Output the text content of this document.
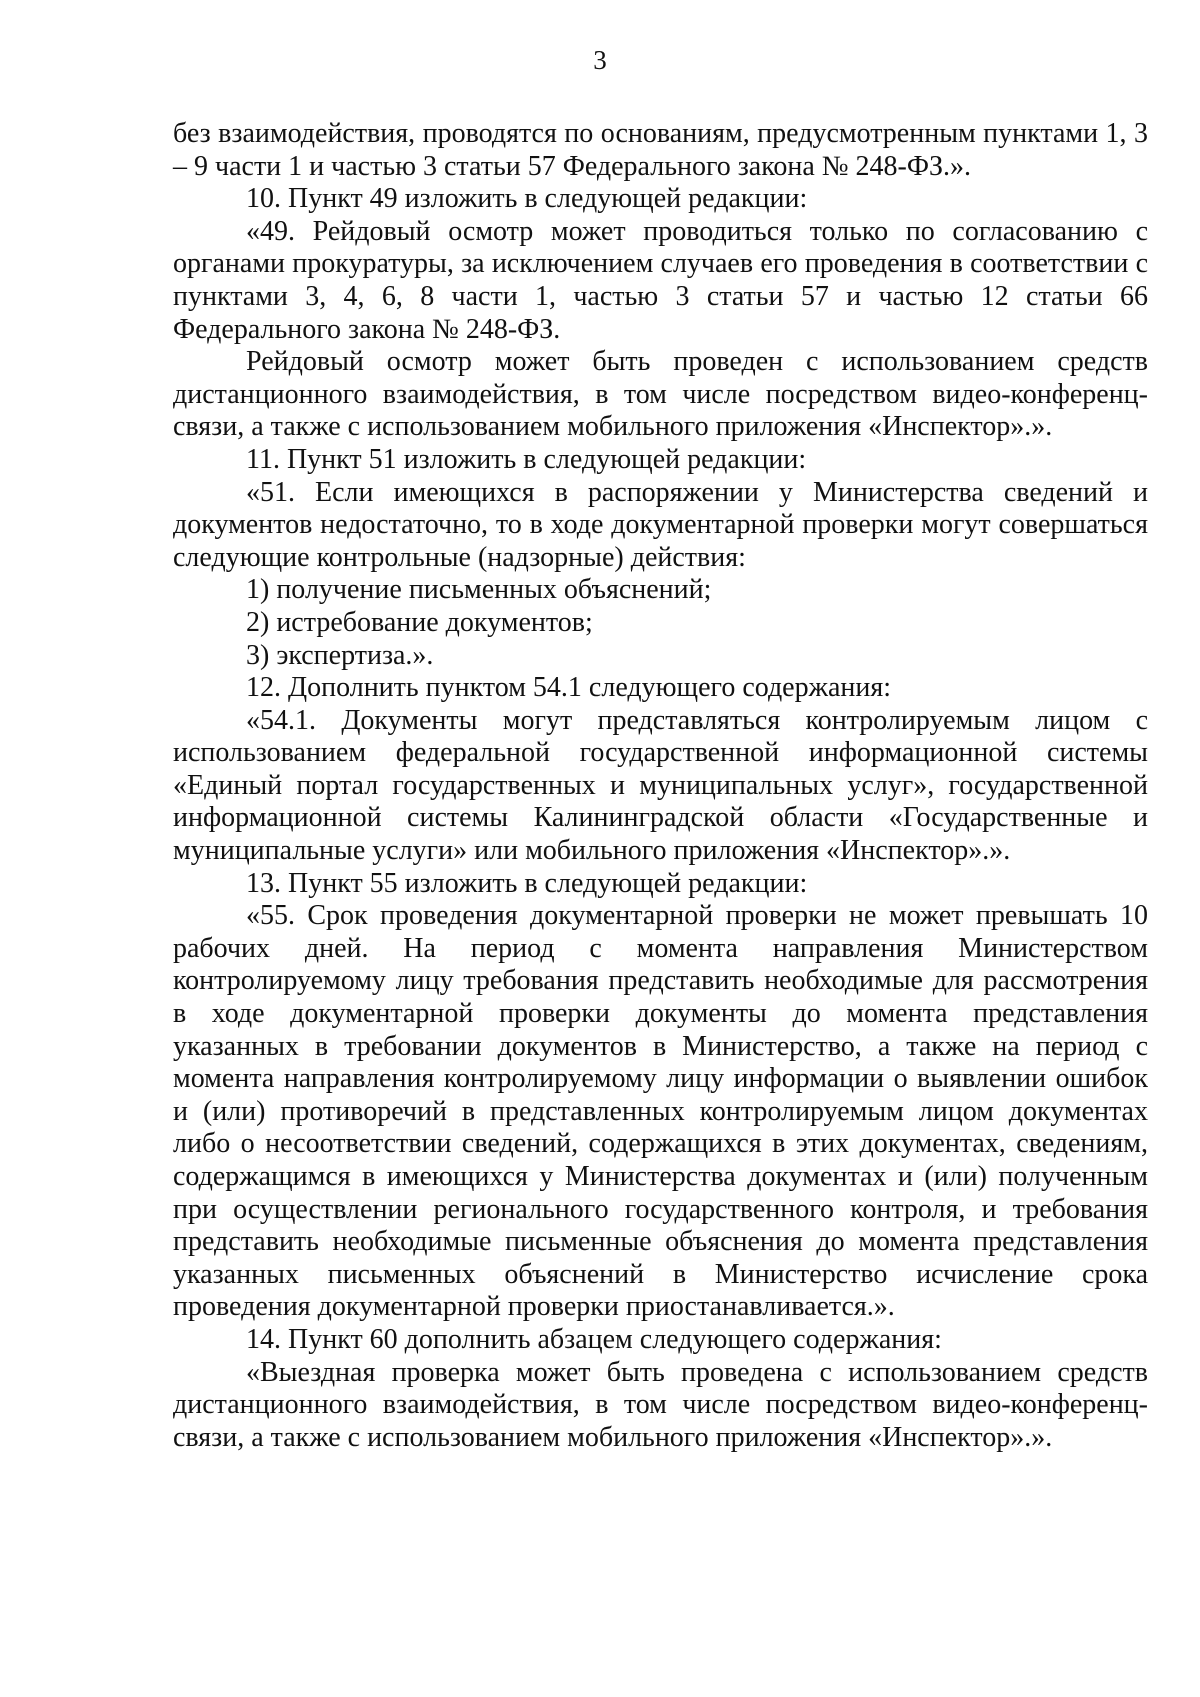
3

без взаимодействия, проводятся по основаниям, предусмотренным пунктами 1, 3 – 9 части 1 и частью 3 статьи 57 Федерального закона № 248-ФЗ.».

10. Пункт 49 изложить в следующей редакции:

«49. Рейдовый осмотр может проводиться только по согласованию с органами прокуратуры, за исключением случаев его проведения в соответствии с пунктами 3, 4, 6, 8 части 1, частью 3 статьи 57 и частью 12 статьи 66 Федерального закона № 248-ФЗ.

Рейдовый осмотр может быть проведен с использованием средств дистанционного взаимодействия, в том числе посредством видео-конференц-связи, а также с использованием мобильного приложения «Инспектор».».

11. Пункт 51 изложить в следующей редакции:

«51. Если имеющихся в распоряжении у Министерства сведений и документов недостаточно, то в ходе документарной проверки могут совершаться следующие контрольные (надзорные) действия:

1) получение письменных объяснений;

2) истребование документов;

3) экспертиза.».

12. Дополнить пунктом 54.1 следующего содержания:

«54.1. Документы могут представляться контролируемым лицом с использованием федеральной государственной информационной системы «Единый портал государственных и муниципальных услуг», государственной информационной системы Калининградской области «Государственные и муниципальные услуги» или мобильного приложения «Инспектор».».

13. Пункт 55 изложить в следующей редакции:

«55. Срок проведения документарной проверки не может превышать 10 рабочих дней. На период с момента направления Министерством контролируемому лицу требования представить необходимые для рассмотрения в ходе документарной проверки документы до момента представления указанных в требовании документов в Министерство, а также на период с момента направления контролируемому лицу информации о выявлении ошибок и (или) противоречий в представленных контролируемым лицом документах либо о несоответствии сведений, содержащихся в этих документах, сведениям, содержащимся в имеющихся у Министерства документах и (или) полученным при осуществлении регионального государственного контроля, и требования представить необходимые письменные объяснения до момента представления указанных письменных объяснений в Министерство исчисление срока проведения документарной проверки приостанавливается.».

14. Пункт 60 дополнить абзацем следующего содержания:

«Выездная проверка может быть проведена с использованием средств дистанционного взаимодействия, в том числе посредством видео-конференц-связи, а также с использованием мобильного приложения «Инспектор».».
